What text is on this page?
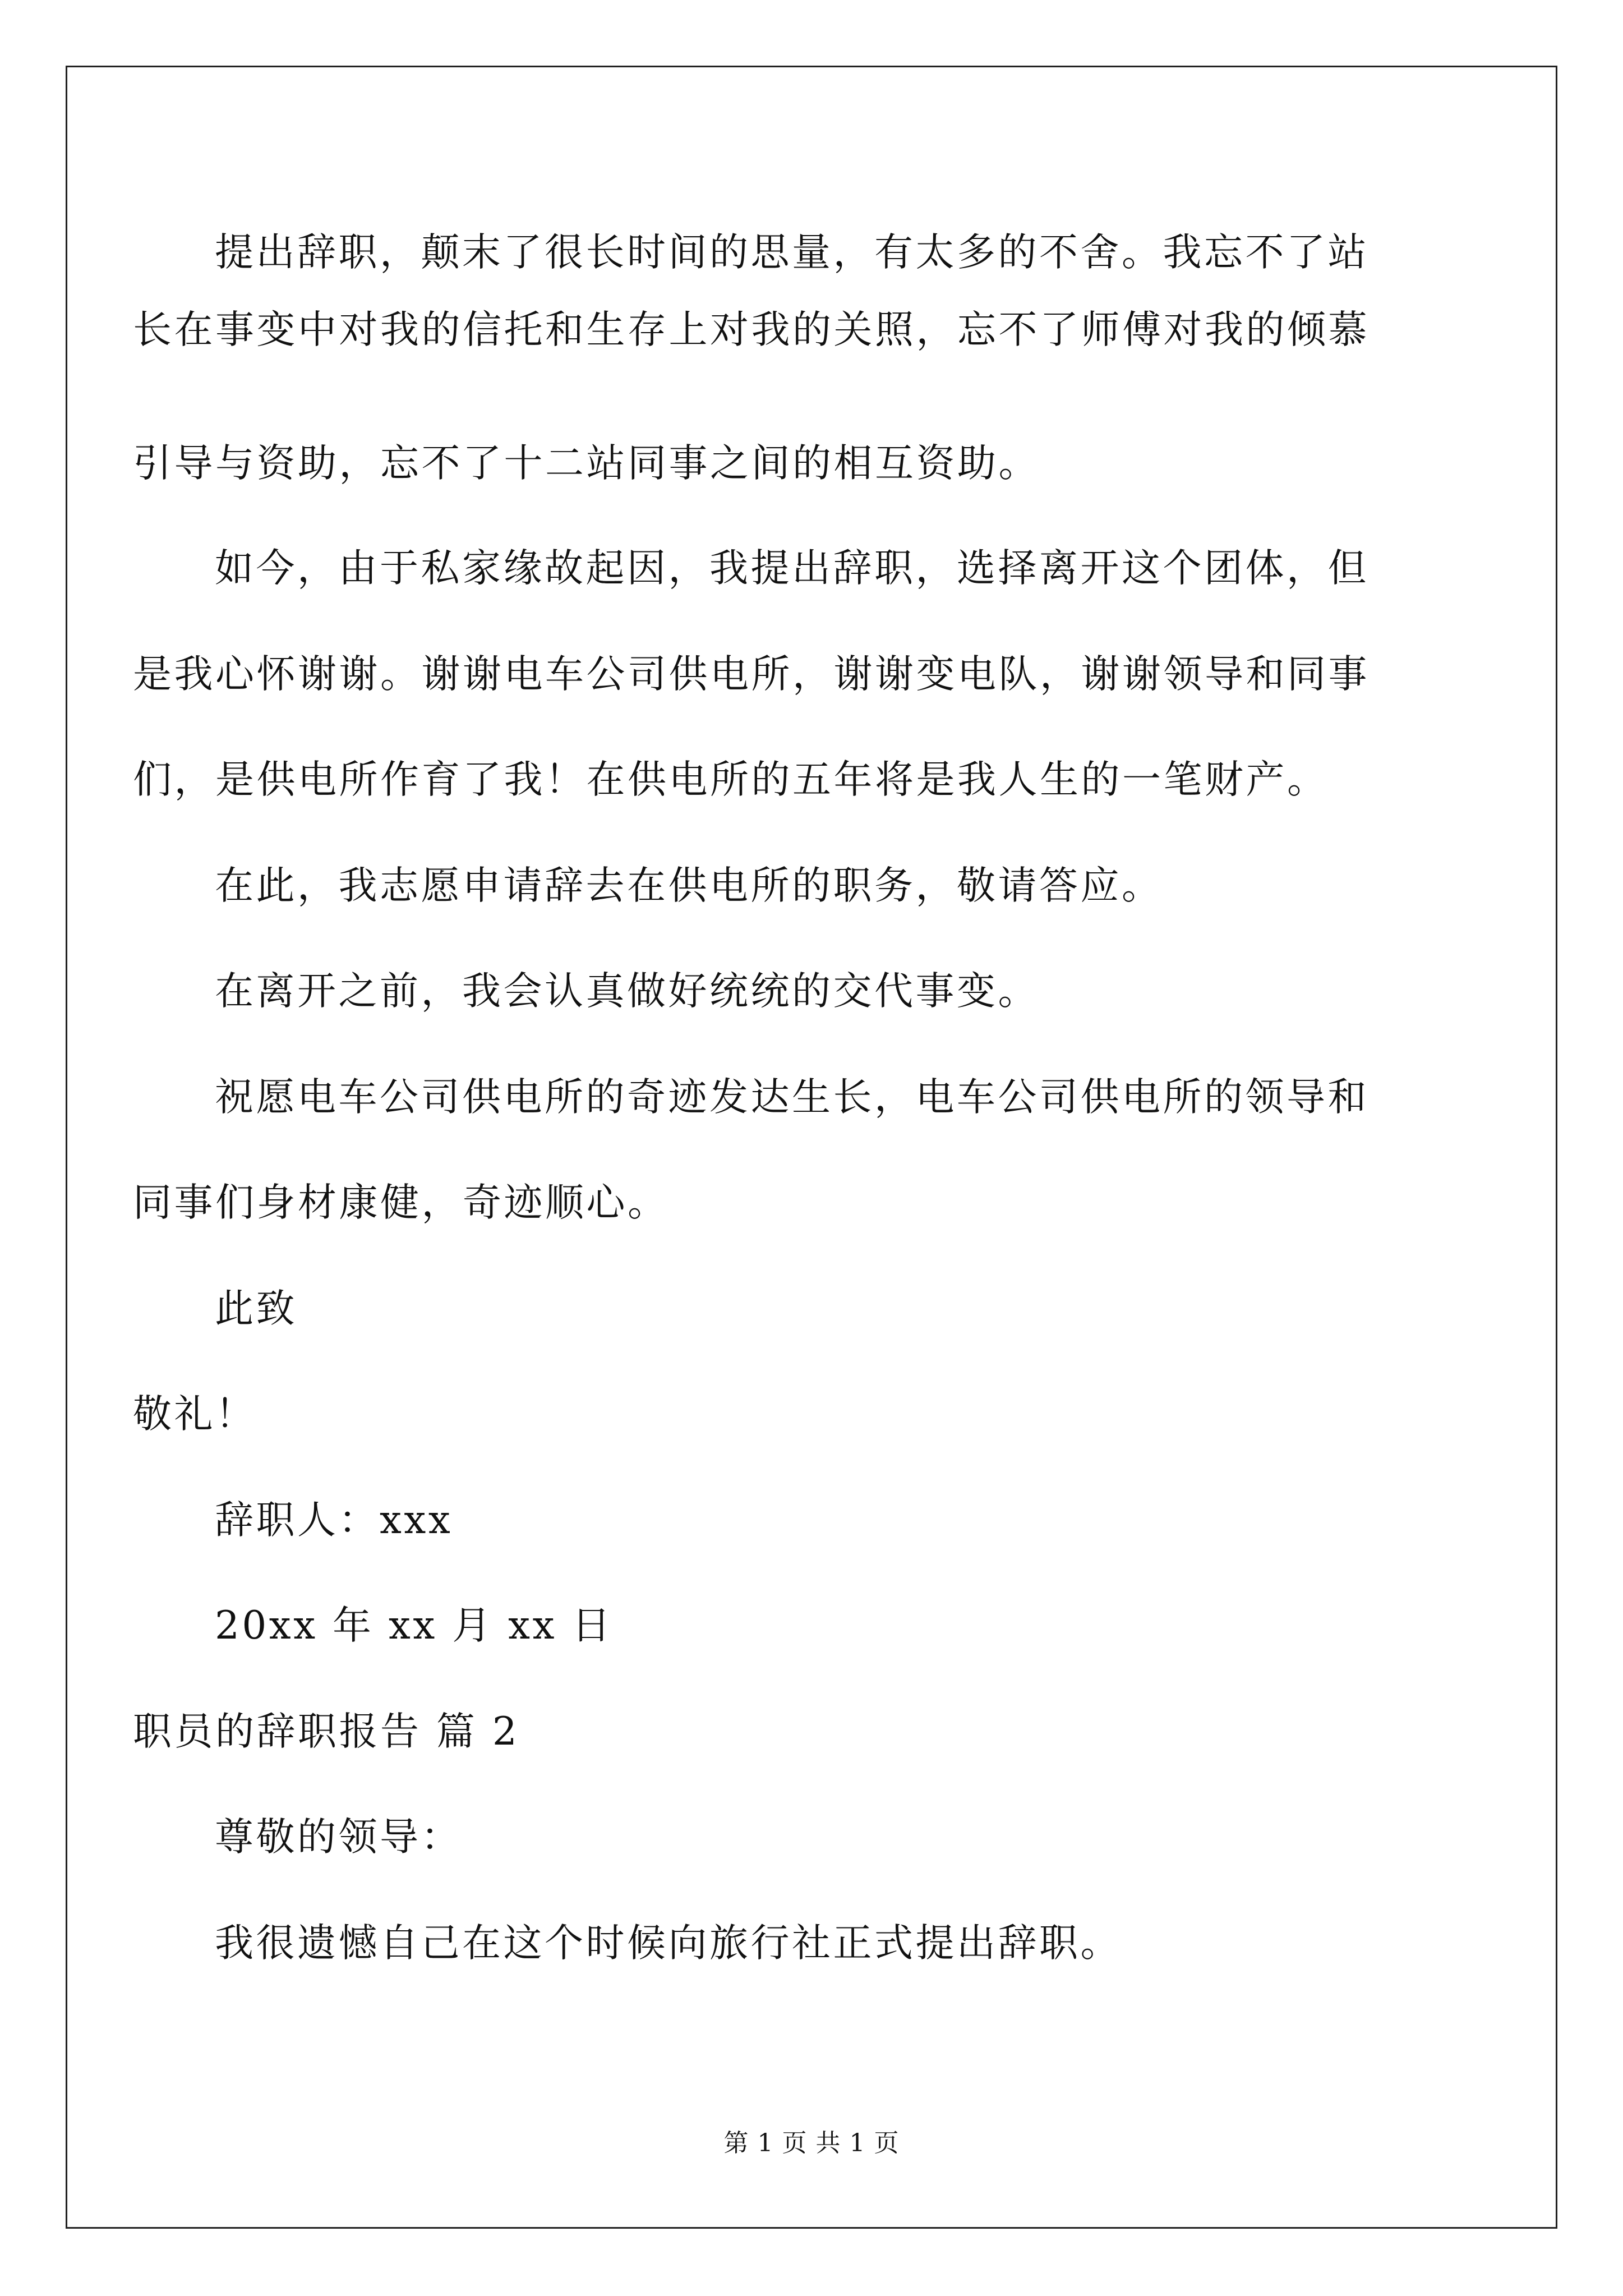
提出辞职，颠末了很长时间的思量，有太多的不舍。我忘不了站
长在事变中对我的信托和生存上对我的关照，忘不了师傅对我的倾慕
引导与资助，忘不了十二站同事之间的相互资助。
如今，由于私家缘故起因，我提出辞职，选择离开这个团体，但
是我心怀谢谢。谢谢电车公司供电所，谢谢变电队，谢谢领导和同事
们，是供电所作育了我！在供电所的五年将是我人生的一笔财产。
在此，我志愿申请辞去在供电所的职务，敬请答应。
在离开之前，我会认真做好统统的交代事变。
祝愿电车公司供电所的奇迹发达生长，电车公司供电所的领导和
同事们身材康健，奇迹顺心。
此致
敬礼！
辞职人：xxx
20xx 年 xx 月 xx 日
职员的辞职报告 篇 2
尊敬的领导：
我很遗憾自己在这个时候向旅行社正式提出辞职。
第 1 页 共 1 页
